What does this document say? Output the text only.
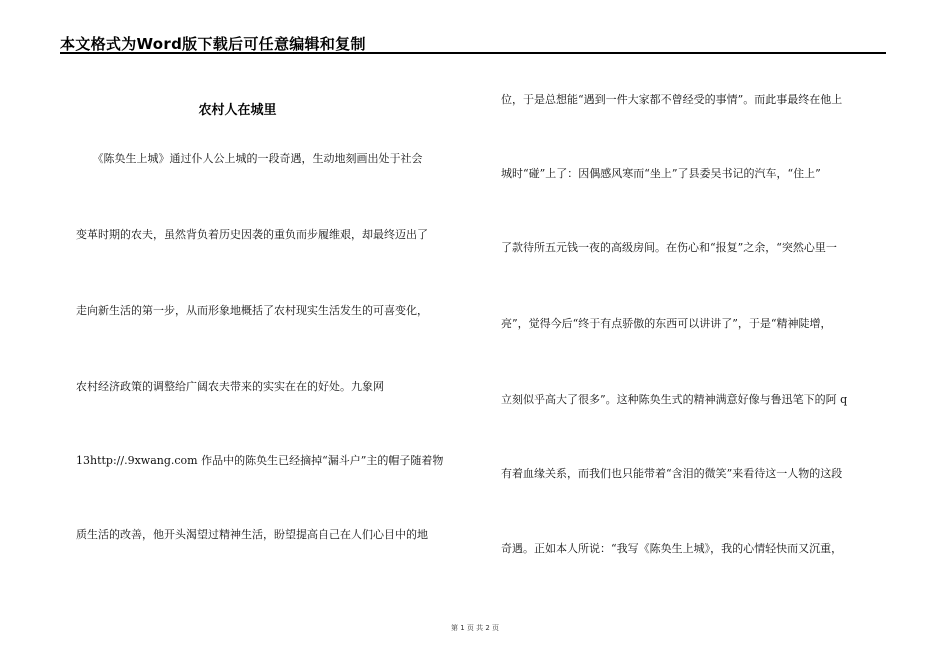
本文格式为Word版下载后可任意编辑和复制
农村人在城里
　　《陈奂生上城》通过仆人公上城的一段奇遇，生动地刻画出处于社会
变革时期的农夫，虽然背负着历史因袭的重负而步履维艰，却最终迈出了
走向新生活的第一步，从而形象地概括了农村现实生活发生的可喜变化，
农村经济政策的调整给广阔农夫带来的实实在在的好处。九象网
13http://.9xwang.com 作品中的陈奂生已经摘掉“漏斗户”主的帽子随着物
质生活的改善，他开头渴望过精神生活，盼望提高自己在人们心目中的地
位，于是总想能“遇到一件大家都不曾经受的事情”。而此事最终在他上
城时“碰”上了：因偶感风寒而“坐上”了县委吴书记的汽车，“住上”
了款待所五元钱一夜的高级房间。在伤心和“报复”之余，“突然心里一
亮”，觉得今后“终于有点骄傲的东西可以讲讲了”，于是“精神陡增，
立刻似乎高大了很多”。这种陈奂生式的精神满意好像与鲁迅笔下的阿 q
有着血缘关系，而我们也只能带着“含泪的微笑”来看待这一人物的这段
奇遇。正如本人所说：“我写《陈奂生上城》，我的心情轻快而又沉重，
第 1 页 共 2 页
